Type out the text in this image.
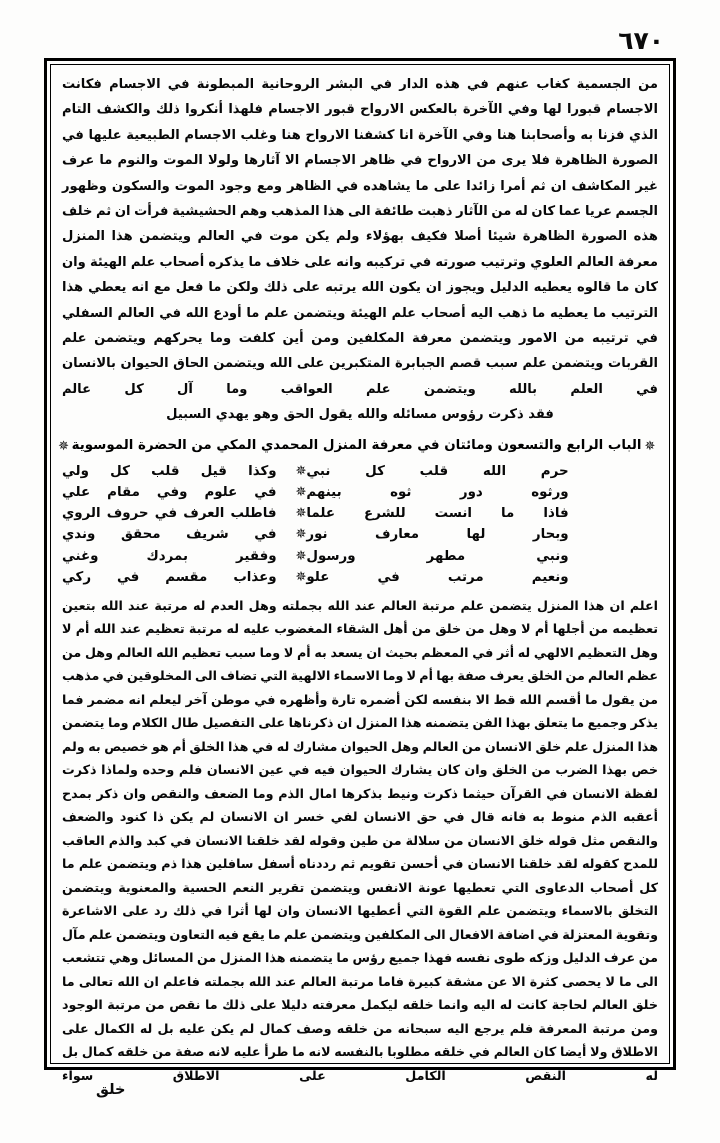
٦٧٠
من الجسمية كغاب عنهم في هذه الدار في البشر الروحانية المبطونة في الاجسام فكانت الاجسام قبورا لها وفي الآخرة بالعكس الارواح قبور الاجسام فلهذا أنكروا ذلك والكشف التام الذي فزنا به وأصحابنا هنا وفي الآخرة انا كشفنا الارواح هنا وغلب الاجسام الطبيعية عليها في الصورة الظاهرة فلا يرى من الارواح في ظاهر الاجسام الا آثارها ولولا الموت والنوم ما عرف غير المكاشف ان ثم أمرا زائدا على ما يشاهده في الظاهر ومع وجود الموت والسكون وظهور الجسم عريا عما كان له من الآثار ذهبت طائفة الى هذا المذهب وهم الحشيشية فرأت ان ثم خلف هذه الصورة الظاهرة شيئا أصلا فكيف بهؤلاء ولم يكن موت في العالم ويتضمن هذا المنزل معرفة العالم العلوي وترتيب صورته في تركيبه وانه على خلاف ما يذكره أصحاب علم الهيئة وان كان ما قالوه يعطيه الدليل ويجوز ان يكون الله يرتبه على ذلك ولكن ما فعل مع انه يعطي هذا الترتيب ما يعطيه ما ذهب اليه أصحاب علم الهيئة ويتضمن علم ما أودع الله في العالم السفلي في ترتيبه من الامور ويتضمن معرفة المكلفين ومن أين كلفت وما يحركهم ويتضمن علم القربات ويتضمن علم سبب قصم الجبابرة المتكبرين على الله ويتضمن الحاق الحيوان بالانسان في العلم بالله ويتضمن علم العواقب وما آل كل عالم
فقد ذكرت رؤوس مسائله والله يقول الحق وهو يهدي السبيل
✵الباب الرابع والتسعون ومائتان في معرفة المنزل المحمدي المكي من الحضرة الموسوية✵
	حرم الله قلب كل نبي	✵	وكذا قيل قلب كل ولي
	ورثوه دور ثوه بينهم	✵	في علوم وفي مقام علي
	فاذا ما انست للشرع علما	✵	فاطلب العرف في حروف الروي
	وبحار لها معارف نور	✵	في شريف محقق وندي
	ونبي مطهر ورسول	✵	وفقير بمردك وغني
	ونعيم مرتب في علو	✵	وعذاب مقسم في ركي
اعلم ان هذا المنزل يتضمن علم مرتبة العالم عند الله بجملته وهل العدم له مرتبة عند الله بتعين تعظيمه من أجلها أم لا وهل من خلق من أهل الشقاء المغضوب عليه له مرتبة تعظيم عند الله أم لا وهل التعظيم الالهي له أثر في المعظم بحيث ان يسعد به أم لا وما سبب تعظيم الله العالم وهل من عظم العالم من الخلق يعرف صفة بها أم لا وما الاسماء الالهية التي تضاف الى المخلوقين في مذهب من يقول ما أقسم الله قط الا بنفسه لكن أضمره تارة وأظهره في موطن آخر ليعلم انه مضمر فما يذكر وجميع ما يتعلق بهذا الفن يتضمنه هذا المنزل ان ذكرناها على التفصيل طال الكلام وما يتضمن هذا المنزل علم خلق الانسان من العالم وهل الحيوان مشارك له في هذا الخلق أم هو خصيص به ولم خص بهذا الضرب من الخلق وان كان يشارك الحيوان فيه في عين الانسان فلم وحده ولماذا ذكرت لفظة الانسان في القرآن حيثما ذكرت ونيط بذكرها امال الذم وما الضعف والنقص وان ذكر بمدح أعقبه الذم منوط به فانه قال في حق الانسان لفي خسر ان الانسان لم يكن ذا كنود والضعف والنقص مثل قوله خلق الانسان من سلالة من طين وقوله لقد خلقنا الانسان في كبد والذم العاقب للمدح كقوله لقد خلقنا الانسان في أحسن تقويم ثم رددناه أسفل سافلين هذا ذم ويتضمن علم ما كل أصحاب الدعاوى التي تعطيها عونة الانفس ويتضمن تقرير النعم الحسية والمعنوية ويتضمن التخلق بالاسماء ويتضمن علم القوة التي أعطيها الانسان وان لها أثرا في ذلك رد على الاشاعرة وتقوية المعتزلة في اضافة الافعال الى المكلفين ويتضمن علم ما يقع فيه التعاون ويتضمن علم مآل من عرف الدليل وزكه طوى نفسه فهذا جميع رؤس ما يتضمنه هذا المنزل من المسائل وهي تتشعب الى ما لا يحصى كثرة الا عن مشقة كبيرة فاما مرتبة العالم عند الله بجملته فاعلم ان الله تعالى ما خلق العالم لحاجة كانت له اليه وانما خلقه ليكمل معرفته دليلا على ذلك ما نقص من مرتبة الوجود ومن مرتبة المعرفة فلم يرجع اليه سبحانه من خلقه وصف كمال لم يكن عليه بل له الكمال على الاطلاق ولا أيضا كان العالم في خلقه مطلوبا بالنفسه لانه ما طرأ عليه لانه صفة من خلقه كمال بل له النقص الكامل على الاطلاق سواء
خلق
